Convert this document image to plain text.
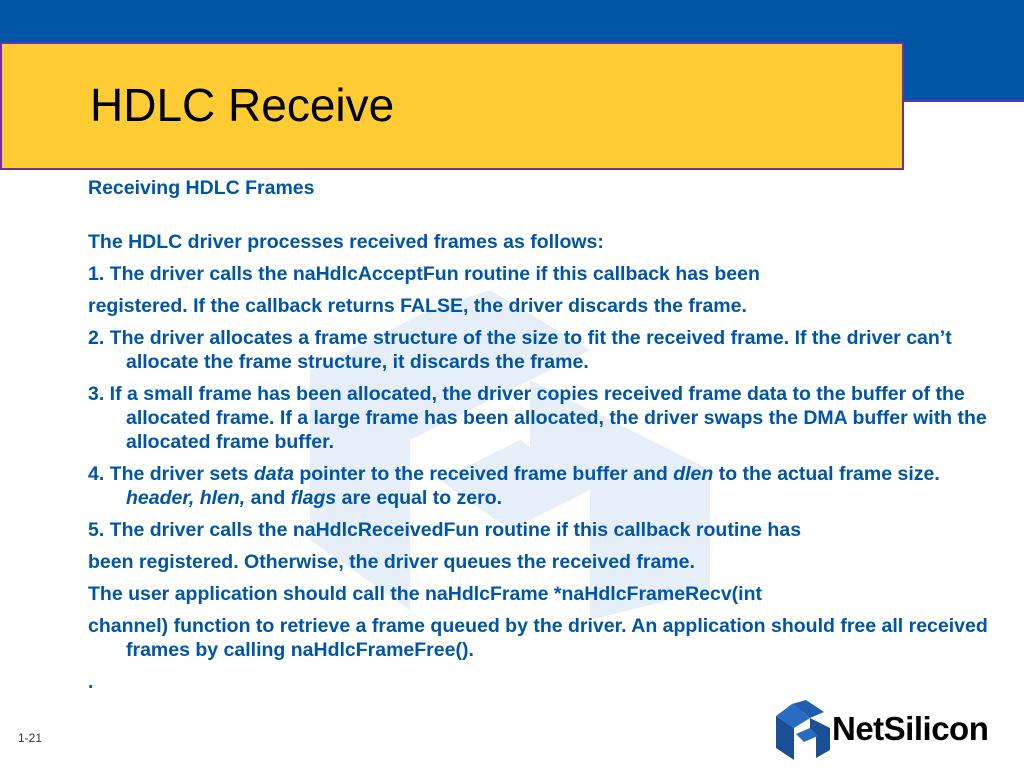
HDLC Receive

Receiving HDLC Frames

The HDLC driver processes received frames as follows:

1. The driver calls the naHdlcAcceptFun routine if this callback has been

registered. If the callback returns FALSE, the driver discards the frame.

2. The driver allocates a frame structure of the size to fit the received frame. If the driver can’t allocate the frame structure, it discards the frame.

3. If a small frame has been allocated, the driver copies received frame data to the buffer of the allocated frame. If a large frame has been allocated, the driver swaps the DMA buffer with the allocated frame buffer.

4. The driver sets data pointer to the received frame buffer and dlen to the actual frame size. header, hlen, and flags are equal to zero.

5. The driver calls the naHdlcReceivedFun routine if this callback routine has

been registered. Otherwise, the driver queues the received frame.

The user application should call the naHdlcFrame *naHdlcFrameRecv(int

channel) function to retrieve a frame queued by the driver. An application should free all received frames by calling naHdlcFrameFree().

.

1-21	NetSilicon
